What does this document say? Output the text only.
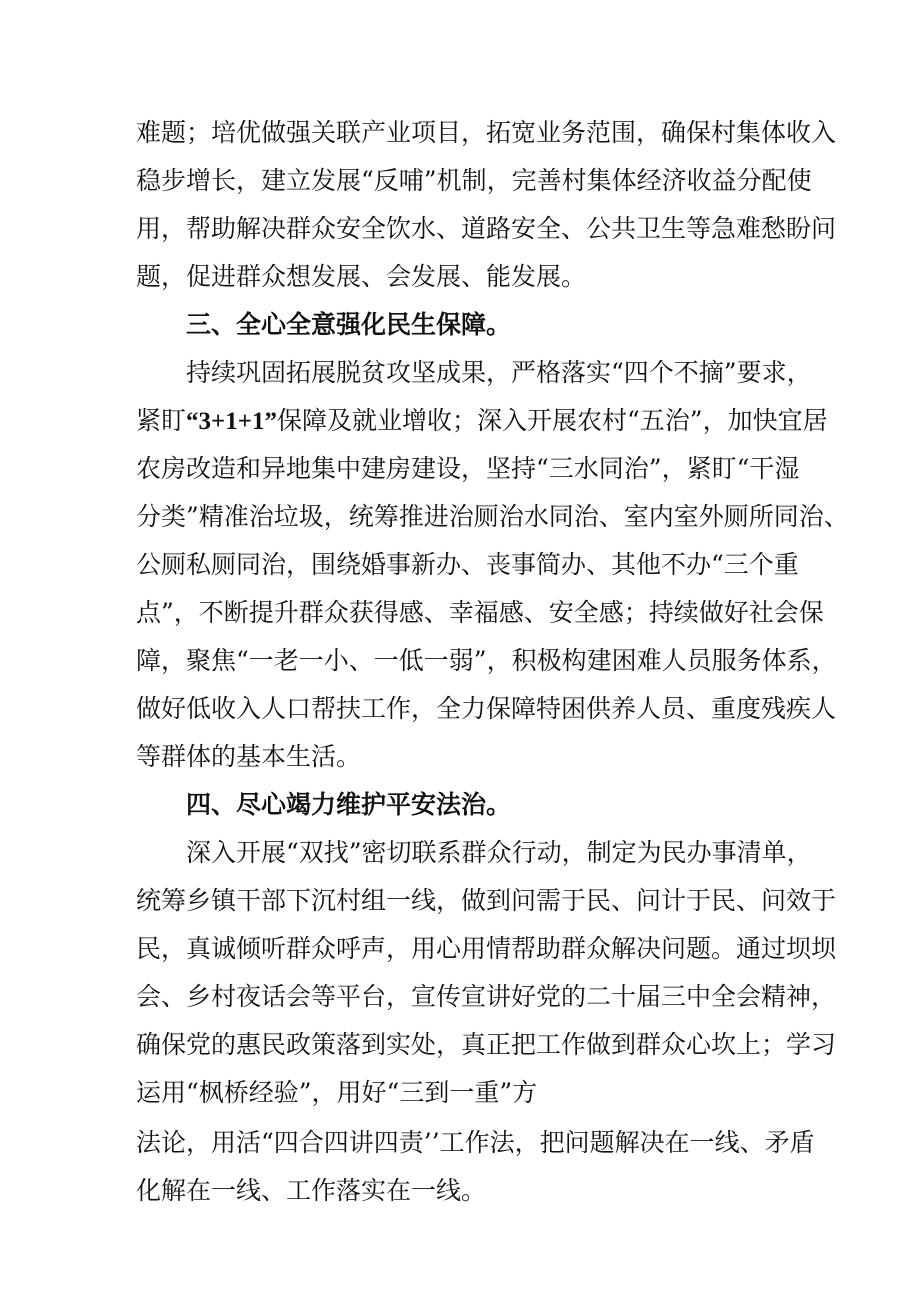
难题；培优做强关联产业项目，拓宽业务范围，确保村集体收入
稳步增长，建立发展“反哺”机制，完善村集体经济收益分配使
用，帮助解决群众安全饮水、道路安全、公共卫生等急难愁盼问
题，促进群众想发展、会发展、能发展。
三、全心全意强化民生保障。
持续巩固拓展脱贫攻坚成果，严格落实“四个不摘”要求，
紧盯“3+1+1”保障及就业增收；深入开展农村“五治”，加快宜居
农房改造和异地集中建房建设，坚持“三水同治”，紧盯“干湿
分类”精准治垃圾，统筹推进治厕治水同治、室内室外厕所同治、
公厕私厕同治，围绕婚事新办、丧事简办、其他不办“三个重
点”，不断提升群众获得感、幸福感、安全感；持续做好社会保
障，聚焦“一老一小、一低一弱”，积极构建困难人员服务体系，
做好低收入人口帮扶工作，全力保障特困供养人员、重度残疾人
等群体的基本生活。
四、尽心竭力维护平安法治。
深入开展“双找”密切联系群众行动，制定为民办事清单，
统筹乡镇干部下沉村组一线，做到问需于民、问计于民、问效于
民，真诚倾听群众呼声，用心用情帮助群众解决问题。通过坝坝
会、乡村夜话会等平台，宣传宣讲好党的二十届三中全会精神，
确保党的惠民政策落到实处，真正把工作做到群众心坎上；学习
运用“枫桥经验”，用好“三到一重”方
法论，用活“四合四讲四责’’工作法，把问题解决在一线、矛盾
化解在一线、工作落实在一线。
